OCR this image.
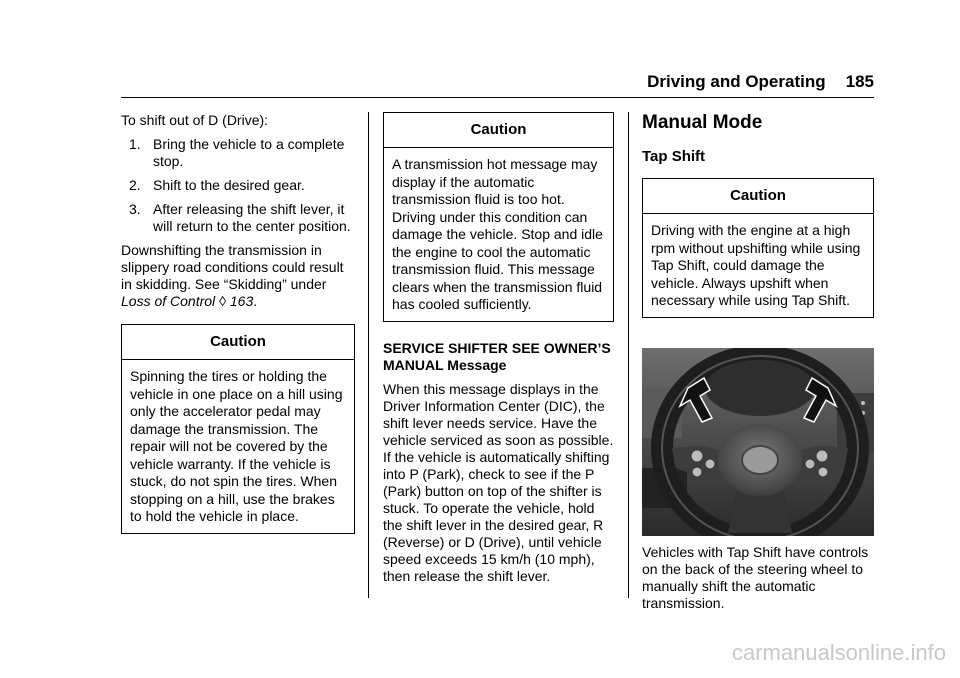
Driving and Operating 185

To shift out of D (Drive):

1. Bring the vehicle to a complete stop.
2. Shift to the desired gear.
3. After releasing the shift lever, it will return to the center position.

Downshifting the transmission in slippery road conditions could result in skidding. See “Skidding” under Loss of Control ◊ 163.

Caution
Spinning the tires or holding the vehicle in one place on a hill using only the accelerator pedal may damage the transmission. The repair will not be covered by the vehicle warranty. If the vehicle is stuck, do not spin the tires. When stopping on a hill, use the brakes to hold the vehicle in place.
Caution
A transmission hot message may display if the automatic transmission fluid is too hot. Driving under this condition can damage the vehicle. Stop and idle the engine to cool the automatic transmission fluid. This message clears when the transmission fluid has cooled sufficiently.
SERVICE SHIFTER SEE OWNER’S MANUAL Message

When this message displays in the Driver Information Center (DIC), the shift lever needs service. Have the vehicle serviced as soon as possible. If the vehicle is automatically shifting into P (Park), check to see if the P (Park) button on top of the shifter is stuck. To operate the vehicle, hold the shift lever in the desired gear, R (Reverse) or D (Drive), until vehicle speed exceeds 15 km/h (10 mph), then release the shift lever.

Manual Mode
Tap Shift
Caution
Driving with the engine at a high rpm without upshifting while using Tap Shift, could damage the vehicle. Always upshift when necessary while using Tap Shift.

Vehicles with Tap Shift have controls on the back of the steering wheel to manually shift the automatic transmission.

carmanualsonline.info
